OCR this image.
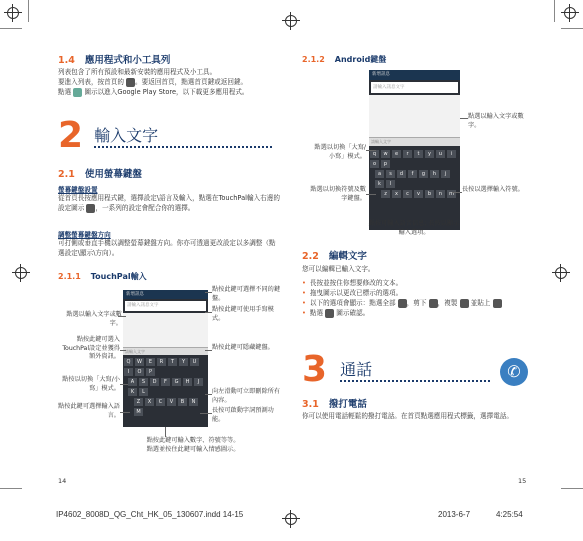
1.4 應用程式和小工具列
列表包含了所有預設和最新安裝的應用程式及小工具。
要進入列表，按首頁的 。要返回首頁，點選首頁鍵或返回鍵。
點選 圖示以進入Google Play Store，以下載更多應用程式。
2 輸入文字
2.1 使用螢幕鍵盤
螢幕鍵盤設置
從首頁長按應用程式鍵，選擇設定\語言及輸入，點選在TouchPal輸入右邊的設定圖示 ，一系列的設定會配合你的選擇。
調整螢幕鍵盤方向
可打側或垂直手機以調整螢幕鍵盤方向。你亦可透過更改設定以多調整（點選設定\顯示\方向）。
2.1.1 TouchPal輸入
新增訊息
請輸入訊息文字
請輸入文字
Q W E R T Y UI O P
A S D F G H JK L
Z X C V B NM
點選以輸入文字或數字。
點按此鍵可選入TouchPal設定並獲得額外資訊。
點按以切換「大寫/小寫」模式。
點按此鍵可選擇輸入語言。
點按此鍵可選擇不同的鍵盤。
點按此鍵可使用手寫模式。
點按此鍵可隱藏鍵盤。
向左滑動可立即刪除所有內容。
長按可啟動字詞預測功能。
點按此鍵可輸入數字、符號等等。
點選並按住此鍵可輸入情感圖示。
14
2.1.2 Android鍵盤
新增訊息
請輸入訊息文字
請輸入文字
q w e r t y u io p
a s d f g h jk l
z x c v b n m
點選以輸入文字或數字。
點選以切換「大寫/小寫」模式。
點選以切換符號及數字鍵盤。
長按以選擇輸入符號。
點按可輸入語音信息; 長按以顯示輸入選項。
2.2 編輯文字
您可以編輯已輸入文字。
• 長按並按住你想要修改的文本。
• 拖曳圖示以更改已標示的選項。
• 以下的選項會顯示：點選全部 ，剪下 ，複製 並貼上
• 點選 圖示確認。
3 通話	✆
3.1 撥打電話
你可以使用電話輕鬆的撥打電話。在首頁點選應用程式標籤，選擇電話。
15
IP4602_8008D_QG_Cht_HK_05_130607.indd 14-15	2013-6-7	4:25:54
